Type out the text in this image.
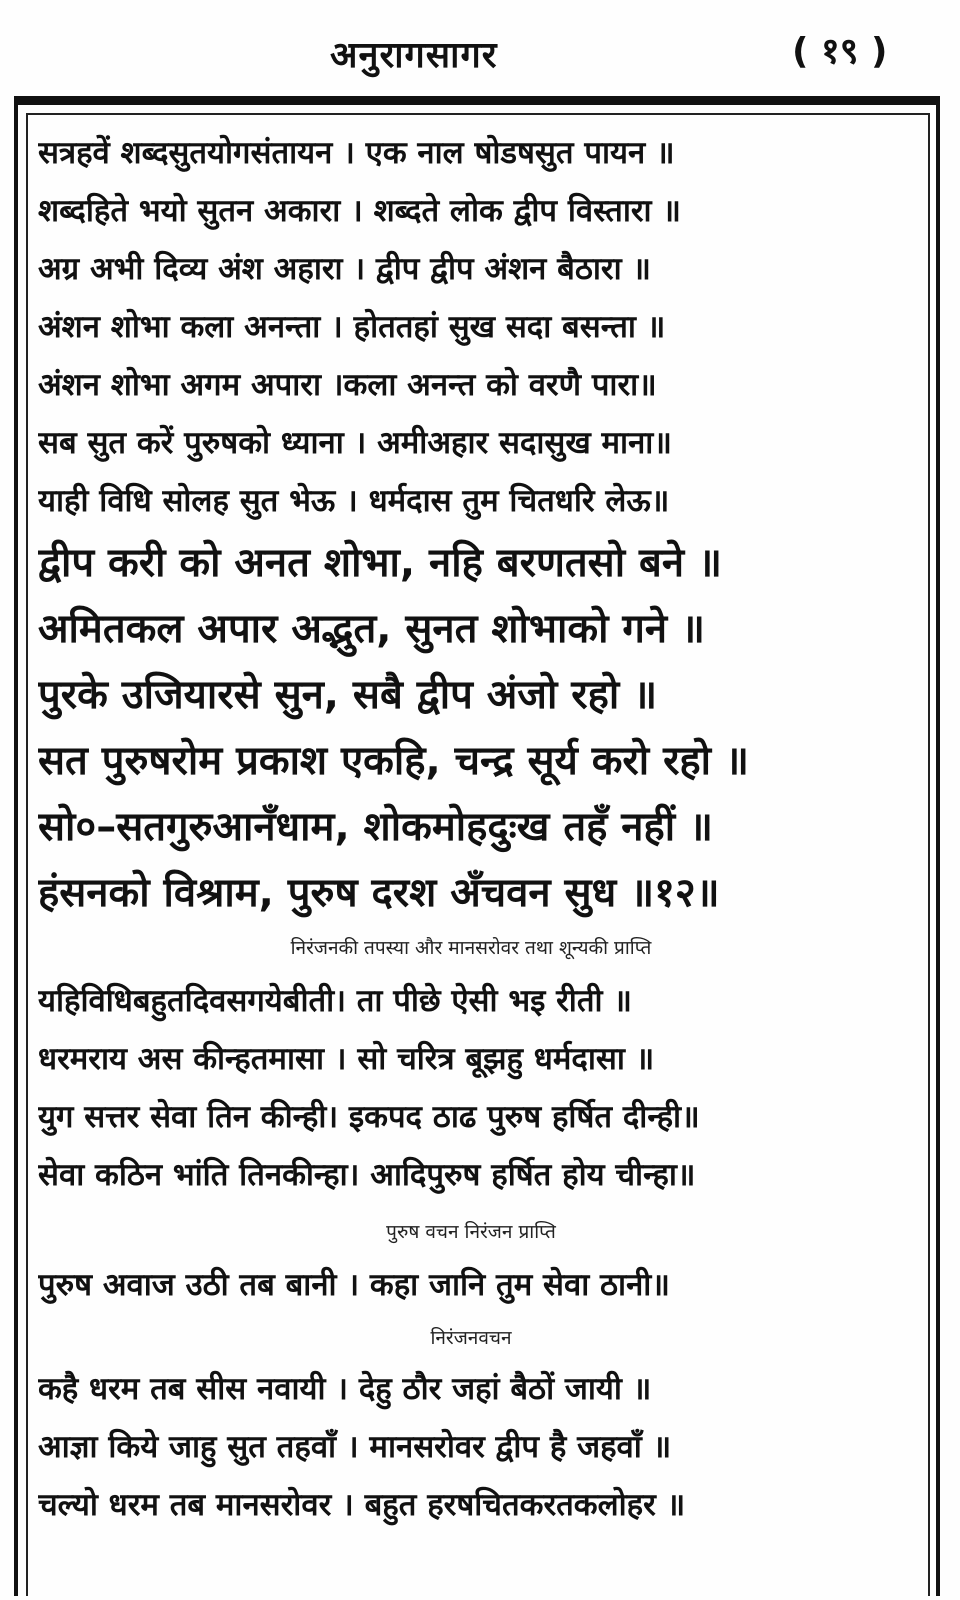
अनुरागसागर	( १९ )
सत्रहवें शब्दसुतयोगसंतायन । एक नाल षोडषसुत पायन ॥
शब्दहिते भयो सुतन अकारा । शब्दते लोक द्वीप विस्तारा ॥
अग्र अभी दिव्य अंश अहारा । द्वीप द्वीप अंशन बैठारा ॥
अंशन शोभा कला अनन्ता । होततहां सुख सदा बसन्ता ॥
अंशन शोभा अगम अपारा ।कला अनन्त को वरणै पारा॥
सब सुत करें पुरुषको ध्याना । अमीअहार सदासुख माना॥
याही विधि सोलह सुत भेऊ । धर्मदास तुम चितधरि लेऊ॥
द्वीप करी को अनत शोभा, नहि बरणतसो बने ॥
अमितकल अपार अद्भुत, सुनत शोभाको गने ॥
पुरके उजियारसे सुन, सबै द्वीप अंजो रहो ॥
सत पुरुषरोम प्रकाश एकहि, चन्द्र सूर्य करो रहो ॥
सो०–सतगुरुआनँधाम, शोकमोहदुःख तहँ नहीं ॥
हंसनको विश्राम, पुरुष दरश अँचवन सुध ॥१२॥
निरंजनकी तपस्या और मानसरोवर तथा शून्यकी प्राप्ति
यहिविधिबहुतदिवसगयेबीती। ता पीछे ऐसी भइ रीती ॥
धरमराय अस कीन्हतमासा । सो चरित्र बूझहु धर्मदासा ॥
युग सत्तर सेवा तिन कीन्ही। इकपद ठाढ पुरुष हर्षित दीन्ही॥
सेवा कठिन भांति तिनकीन्हा। आदिपुरुष हर्षित होय चीन्हा॥
पुरुष वचन निरंजन प्राप्ति
पुरुष अवाज उठी तब बानी । कहा जानि तुम सेवा ठानी॥
निरंजनवचन
कहै धरम तब सीस नवायी । देहु ठौर जहां बैठों जायी ॥
आज्ञा किये जाहु सुत तहवाँ । मानसरोवर द्वीप है जहवाँ ॥
चल्यो धरम तब मानसरोवर । बहुत हरषचितकरतकलोहर ॥
